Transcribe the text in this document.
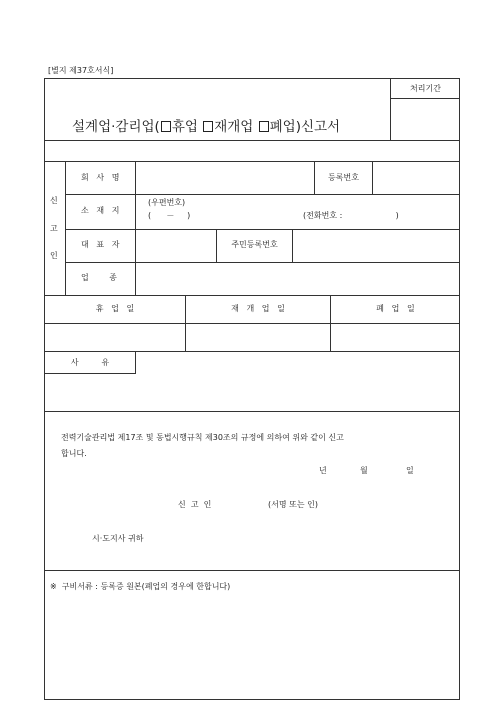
[별지 제37호서식]
처리기간
설계업·감리업( 휴업 재개업 폐업)신고서
신
고
인
회   사   명	등록번호
소   재   지
(우편번호)
(      －     )	(전화번호 :                     )
대   표   자	주민등록번호
업        종
휴   업   일	재   개   업   일	폐   업   일
사         유
전력기술관리법 제17조 및 동법시행규칙 제30조의 규정에 의하여 위와 같이 신고
합니다.
년	월	일
신  고  인	(서명 또는 인)
시·도지사 귀하
※  구비서류 : 등록증 원본(폐업의 경우에 한합니다)
